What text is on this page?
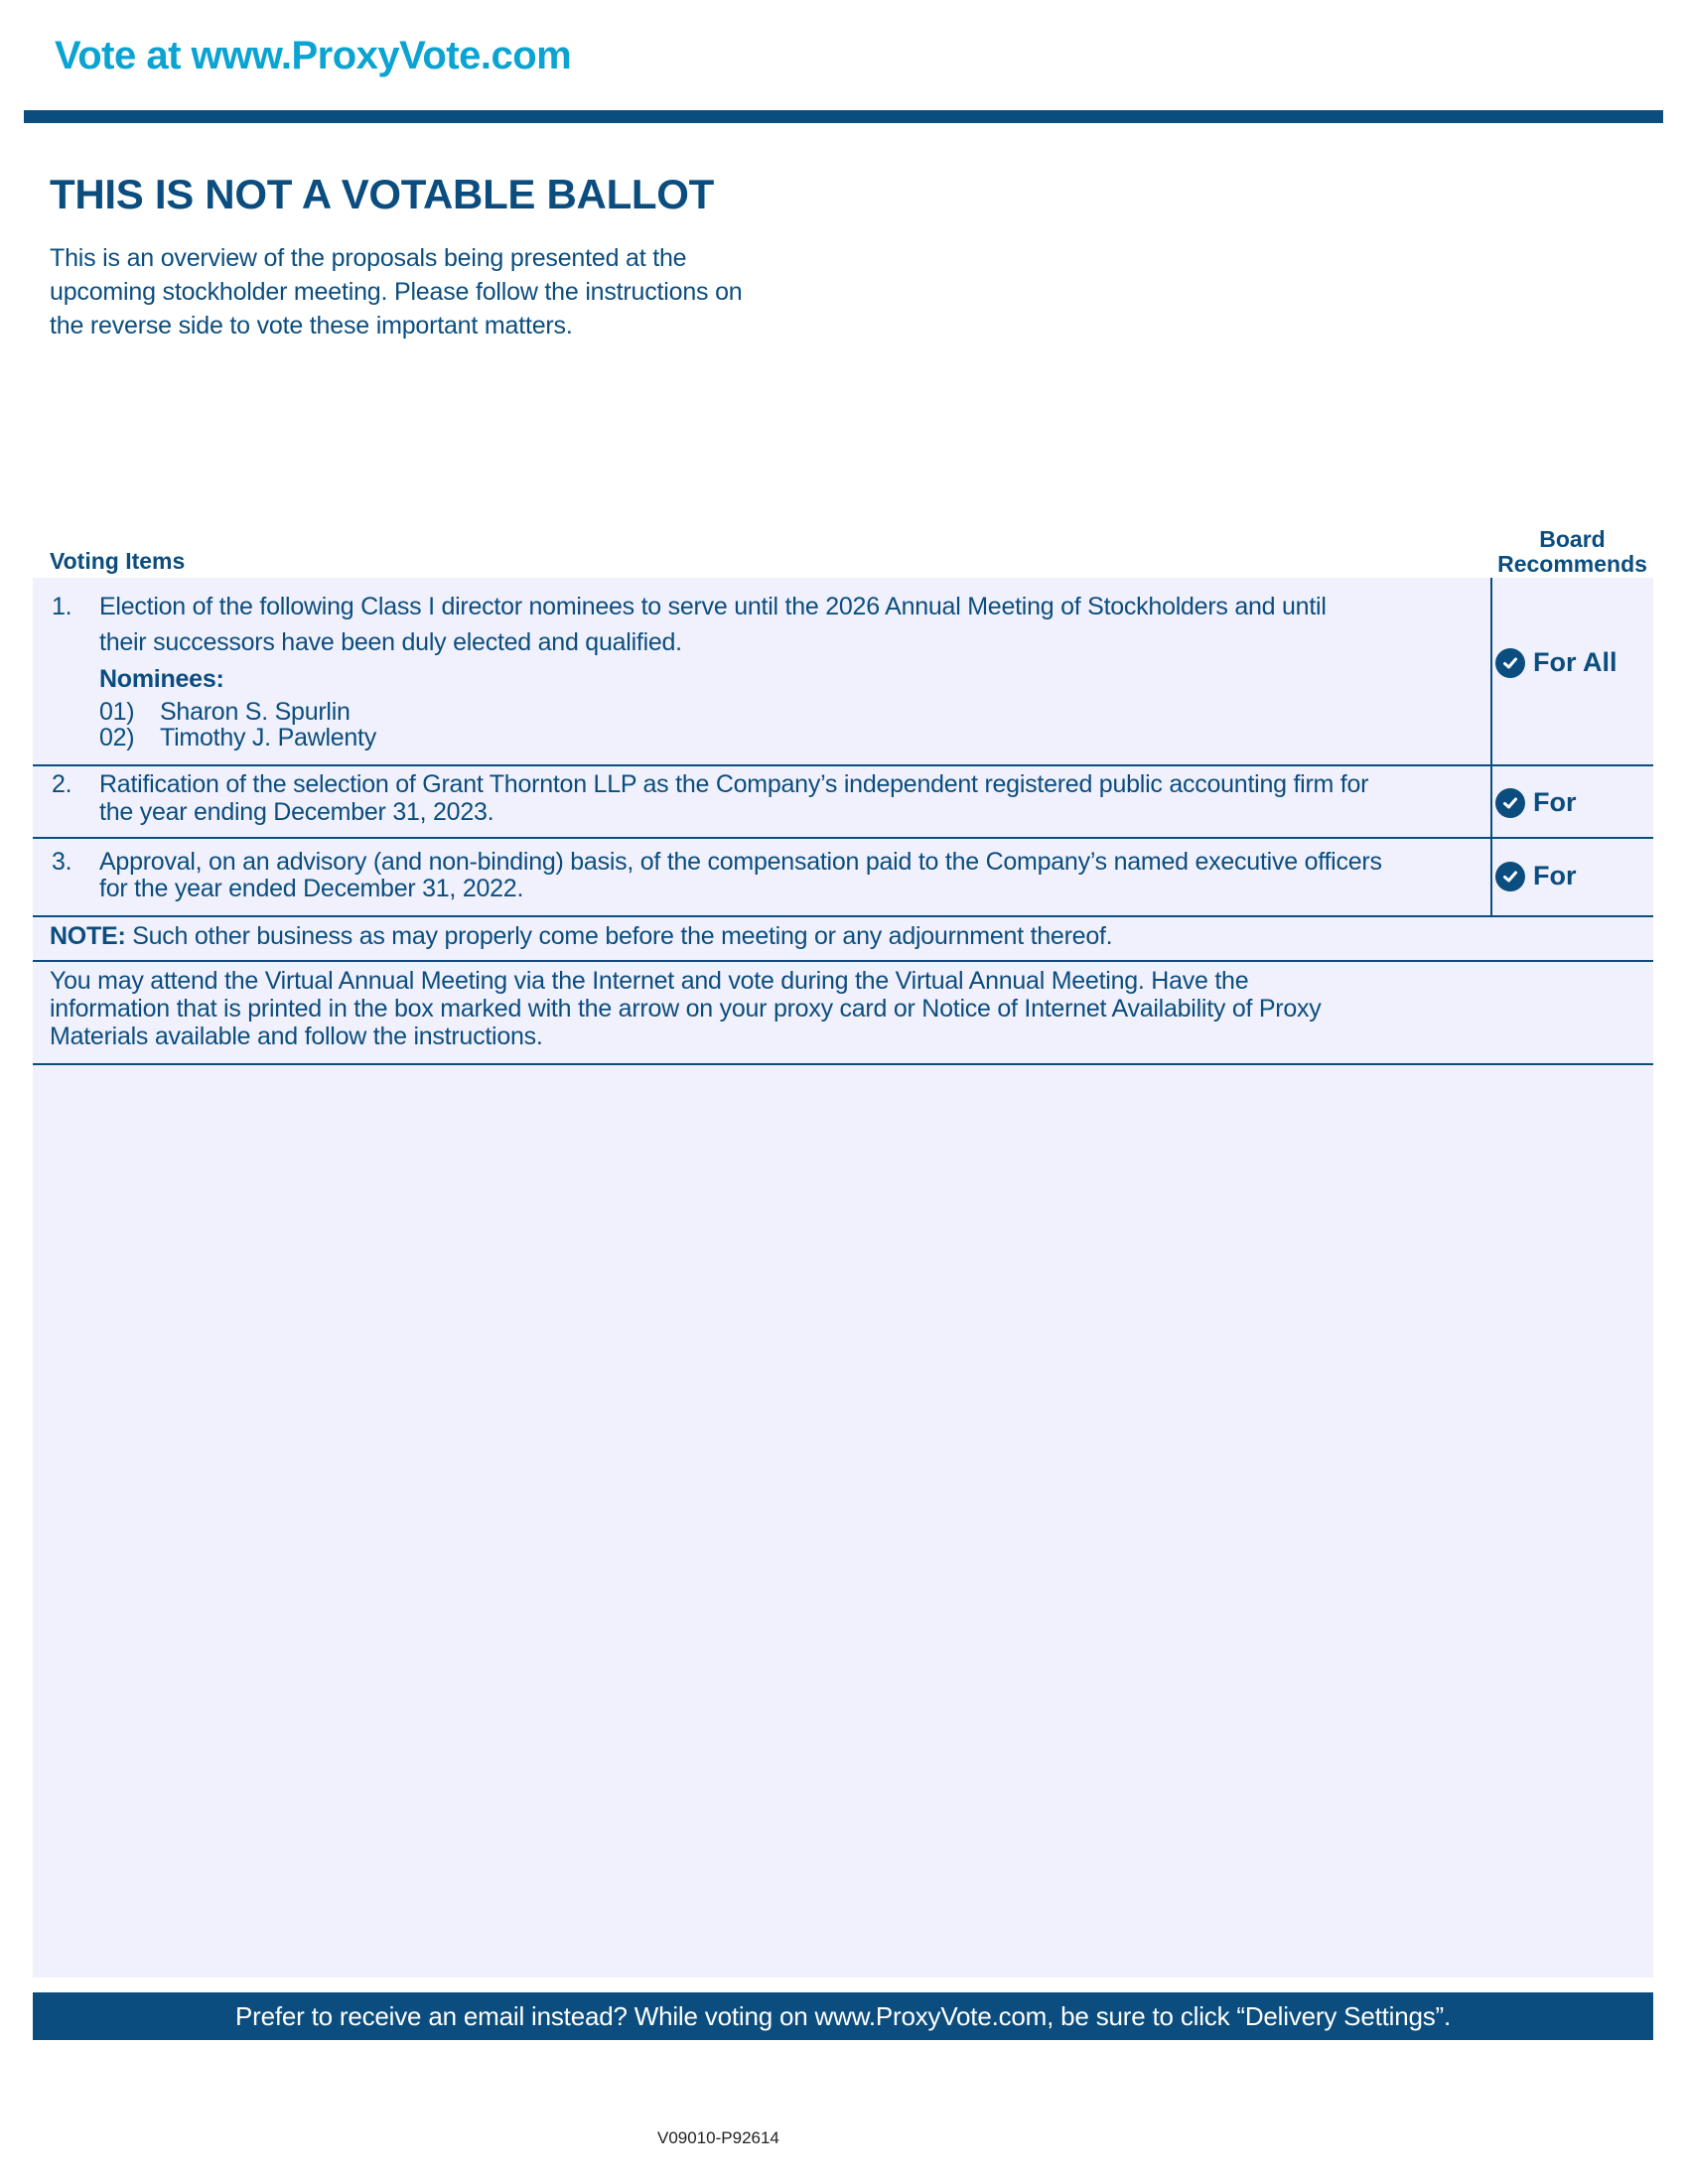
Vote at www.ProxyVote.com
THIS IS NOT A VOTABLE BALLOT
This is an overview of the proposals being presented at the
upcoming stockholder meeting. Please follow the instructions on
the reverse side to vote these important matters.
Voting Items
Board Recommends
1. Election of the following Class I director nominees to serve until the 2026 Annual Meeting of Stockholders and until
their successors have been duly elected and qualified.
Nominees:
01) Sharon S. Spurlin
02) Timothy J. Pawlenty
For All
2. Ratification of the selection of Grant Thornton LLP as the Company’s independent registered public accounting firm for
the year ending December 31, 2023.	For
3. Approval, on an advisory (and non-binding) basis, of the compensation paid to the Company’s named executive officers
for the year ended December 31, 2022.	For
NOTE: Such other business as may properly come before the meeting or any adjournment thereof.
You may attend the Virtual Annual Meeting via the Internet and vote during the Virtual Annual Meeting. Have the
information that is printed in the box marked with the arrow on your proxy card or Notice of Internet Availability of Proxy
Materials available and follow the instructions.
Prefer to receive an email instead? While voting on www.ProxyVote.com, be sure to click “Delivery Settings”.
V09010-P92614
